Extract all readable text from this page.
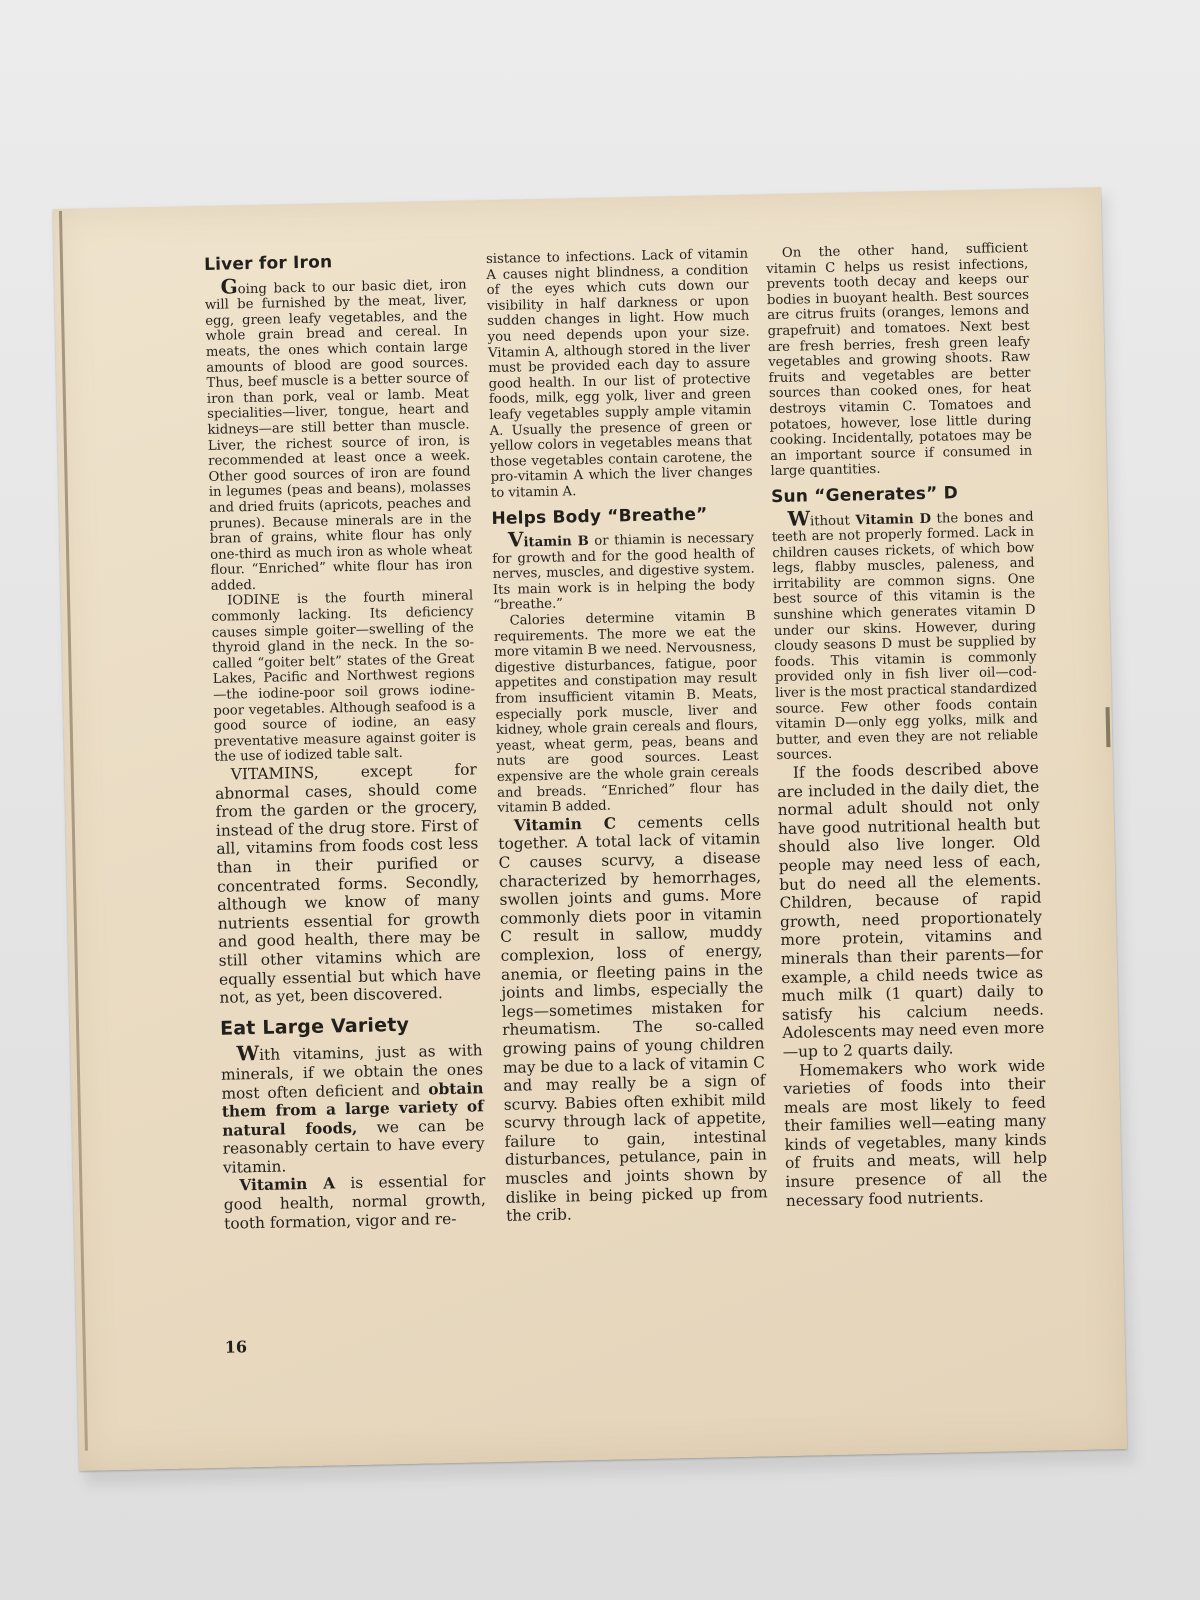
Liver for Iron

Going back to our basic diet, iron will be furnished by the meat, liver, egg, green leafy vegetables, and the whole grain bread and cereal. In meats, the ones which contain large amounts of blood are good sources. Thus, beef muscle is a better source of iron than pork, veal or lamb. Meat specialities—liver, tongue, heart and kidneys—are still better than muscle. Liver, the richest source of iron, is recommended at least once a week. Other good sources of iron are found in legumes (peas and beans), molasses and dried fruits (apricots, peaches and prunes). Because minerals are in the bran of grains, white flour has only one-third as much iron as whole wheat flour. “Enriched” white flour has iron added.

IODINE is the fourth mineral commonly lacking. Its deficiency causes simple goiter—swelling of the thyroid gland in the neck. In the so-called “goiter belt” states of the Great Lakes, Pacific and Northwest regions—the iodine-poor soil grows iodine-poor vegetables. Although seafood is a good source of iodine, an easy preventative measure against goiter is the use of iodized table salt.

VITAMINS, except for abnormal cases, should come from the garden or the grocery, instead of the drug store. First of all, vitamins from foods cost less than in their purified or concentrated forms. Secondly, although we know of many nutrients essential for growth and good health, there may be still other vitamins which are equally essential but which have not, as yet, been discovered.

Eat Large Variety

With vitamins, just as with minerals, if we obtain the ones most often deficient and obtain them from a large variety of natural foods, we can be reasonably certain to have every vitamin.

Vitamin A is essential for good health, normal growth, tooth formation, vigor and re-

sistance to infections. Lack of vitamin A causes night blindness, a condition of the eyes which cuts down our visibility in half darkness or upon sudden changes in light. How much you need depends upon your size. Vitamin A, although stored in the liver must be provided each day to assure good health. In our list of protective foods, milk, egg yolk, liver and green leafy vegetables supply ample vitamin A. Usually the presence of green or yellow colors in vegetables means that those vegetables contain carotene, the pro-vitamin A which the liver changes to vitamin A.

Helps Body “Breathe”

Vitamin B or thiamin is necessary for growth and for the good health of nerves, muscles, and digestive system. Its main work is in helping the body “breathe.”

Calories determine vitamin B requirements. The more we eat the more vitamin B we need. Nervousness, digestive disturbances, fatigue, poor appetites and constipation may result from insufficient vitamin B. Meats, especially pork muscle, liver and kidney, whole grain cereals and flours, yeast, wheat germ, peas, beans and nuts are good sources. Least expensive are the whole grain cereals and breads. “Enriched” flour has vitamin B added.

Vitamin C cements cells together. A total lack of vitamin C causes scurvy, a disease characterized by hemorrhages, swollen joints and gums. More commonly diets poor in vitamin C result in sallow, muddy complexion, loss of energy, anemia, or fleeting pains in the joints and limbs, especially the legs—sometimes mistaken for rheumatism. The so-called growing pains of young children may be due to a lack of vitamin C and may really be a sign of scurvy. Babies often exhibit mild scurvy through lack of appetite, failure to gain, intestinal disturbances, petulance, pain in muscles and joints shown by dislike in being picked up from the crib.

On the other hand, sufficient vitamin C helps us resist infections, prevents tooth decay and keeps our bodies in buoyant health. Best sources are citrus fruits (oranges, lemons and grapefruit) and tomatoes. Next best are fresh berries, fresh green leafy vegetables and growing shoots. Raw fruits and vegetables are better sources than cooked ones, for heat destroys vitamin C. Tomatoes and potatoes, however, lose little during cooking. Incidentally, potatoes may be an important source if consumed in large quantities.

Sun “Generates” D

Without Vitamin D the bones and teeth are not properly formed. Lack in children causes rickets, of which bow legs, flabby muscles, paleness, and irritability are common signs. One best source of this vitamin is the sunshine which generates vitamin D under our skins. However, during cloudy seasons D must be supplied by foods. This vitamin is commonly provided only in fish liver oil—cod-liver is the most practical standardized source. Few other foods contain vitamin D—only egg yolks, milk and butter, and even they are not reliable sources.

If the foods described above are included in the daily diet, the normal adult should not only have good nutritional health but should also live longer. Old people may need less of each, but do need all the elements. Children, because of rapid growth, need proportionately more protein, vitamins and minerals than their parents—for example, a child needs twice as much milk (1 quart) daily to satisfy his calcium needs. Adolescents may need even more—up to 2 quarts daily.

Homemakers who work wide varieties of foods into their meals are most likely to feed their families well—eating many kinds of vegetables, many kinds of fruits and meats, will help insure presence of all the necessary food nutrients.

16
